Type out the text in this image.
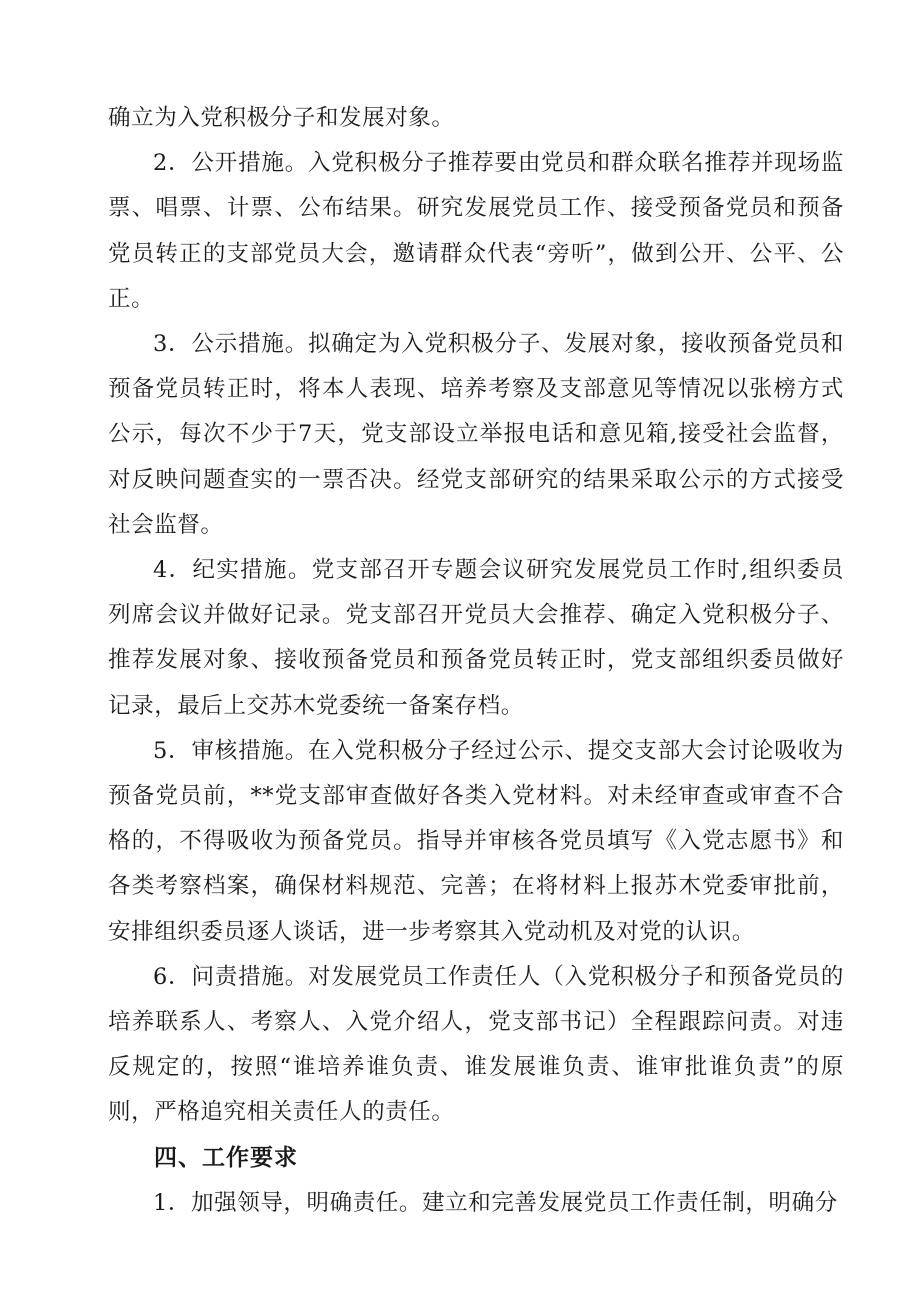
确立为入党积极分子和发展对象。

2．公开措施。入党积极分子推荐要由党员和群众联名推荐并现场监票、唱票、计票、公布结果。研究发展党员工作、接受预备党员和预备党员转正的支部党员大会，邀请群众代表“旁听”，做到公开、公平、公正。

3．公示措施。拟确定为入党积极分子、发展对象，接收预备党员和预备党员转正时，将本人表现、培养考察及支部意见等情况以张榜方式公示，每次不少于7天，党支部设立举报电话和意见箱,接受社会监督，对反映问题查实的一票否决。经党支部研究的结果采取公示的方式接受社会监督。

4．纪实措施。党支部召开专题会议研究发展党员工作时,组织委员列席会议并做好记录。党支部召开党员大会推荐、确定入党积极分子、推荐发展对象、接收预备党员和预备党员转正时，党支部组织委员做好记录，最后上交苏木党委统一备案存档。

5．审核措施。在入党积极分子经过公示、提交支部大会讨论吸收为预备党员前，**党支部审查做好各类入党材料。对未经审查或审查不合格的，不得吸收为预备党员。指导并审核各党员填写《入党志愿书》和各类考察档案，确保材料规范、完善；在将材料上报苏木党委审批前，安排组织委员逐人谈话，进一步考察其入党动机及对党的认识。

6．问责措施。对发展党员工作责任人（入党积极分子和预备党员的培养联系人、考察人、入党介绍人，党支部书记）全程跟踪问责。对违反规定的，按照“谁培养谁负责、谁发展谁负责、谁审批谁负责”的原则，严格追究相关责任人的责任。

四、工作要求

1．加强领导，明确责任。建立和完善发展党员工作责任制，明确分
